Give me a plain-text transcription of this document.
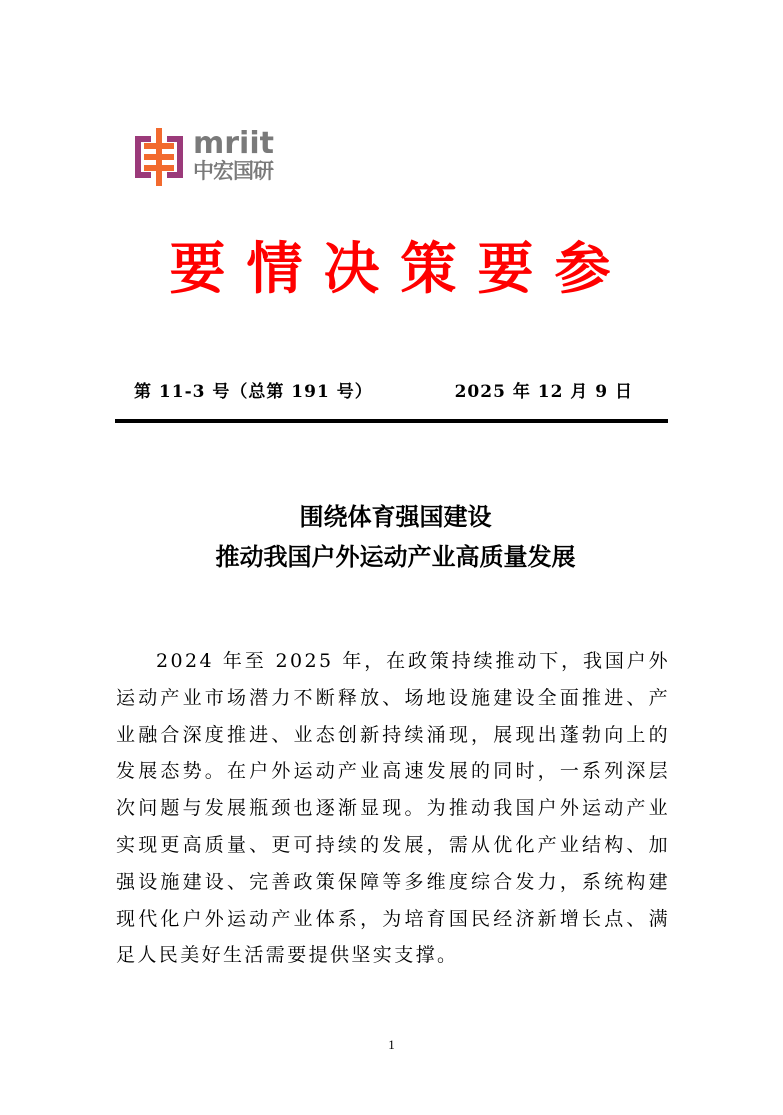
mriit
中宏国研
要情决策要参
第 11-3 号（总第 191 号）	2025 年 12 月 9 日
围绕体育强国建设
推动我国户外运动产业高质量发展

2024 年至 2025 年，在政策持续推动下，我国户外运动产业市场潜力不断释放、场地设施建设全面推进、产业融合深度推进、业态创新持续涌现，展现出蓬勃向上的发展态势。在户外运动产业高速发展的同时，一系列深层次问题与发展瓶颈也逐渐显现。为推动我国户外运动产业实现更高质量、更可持续的发展，需从优化产业结构、加强设施建设、完善政策保障等多维度综合发力，系统构建现代化户外运动产业体系，为培育国民经济新增长点、满足人民美好生活需要提供坚实支撑。

1
